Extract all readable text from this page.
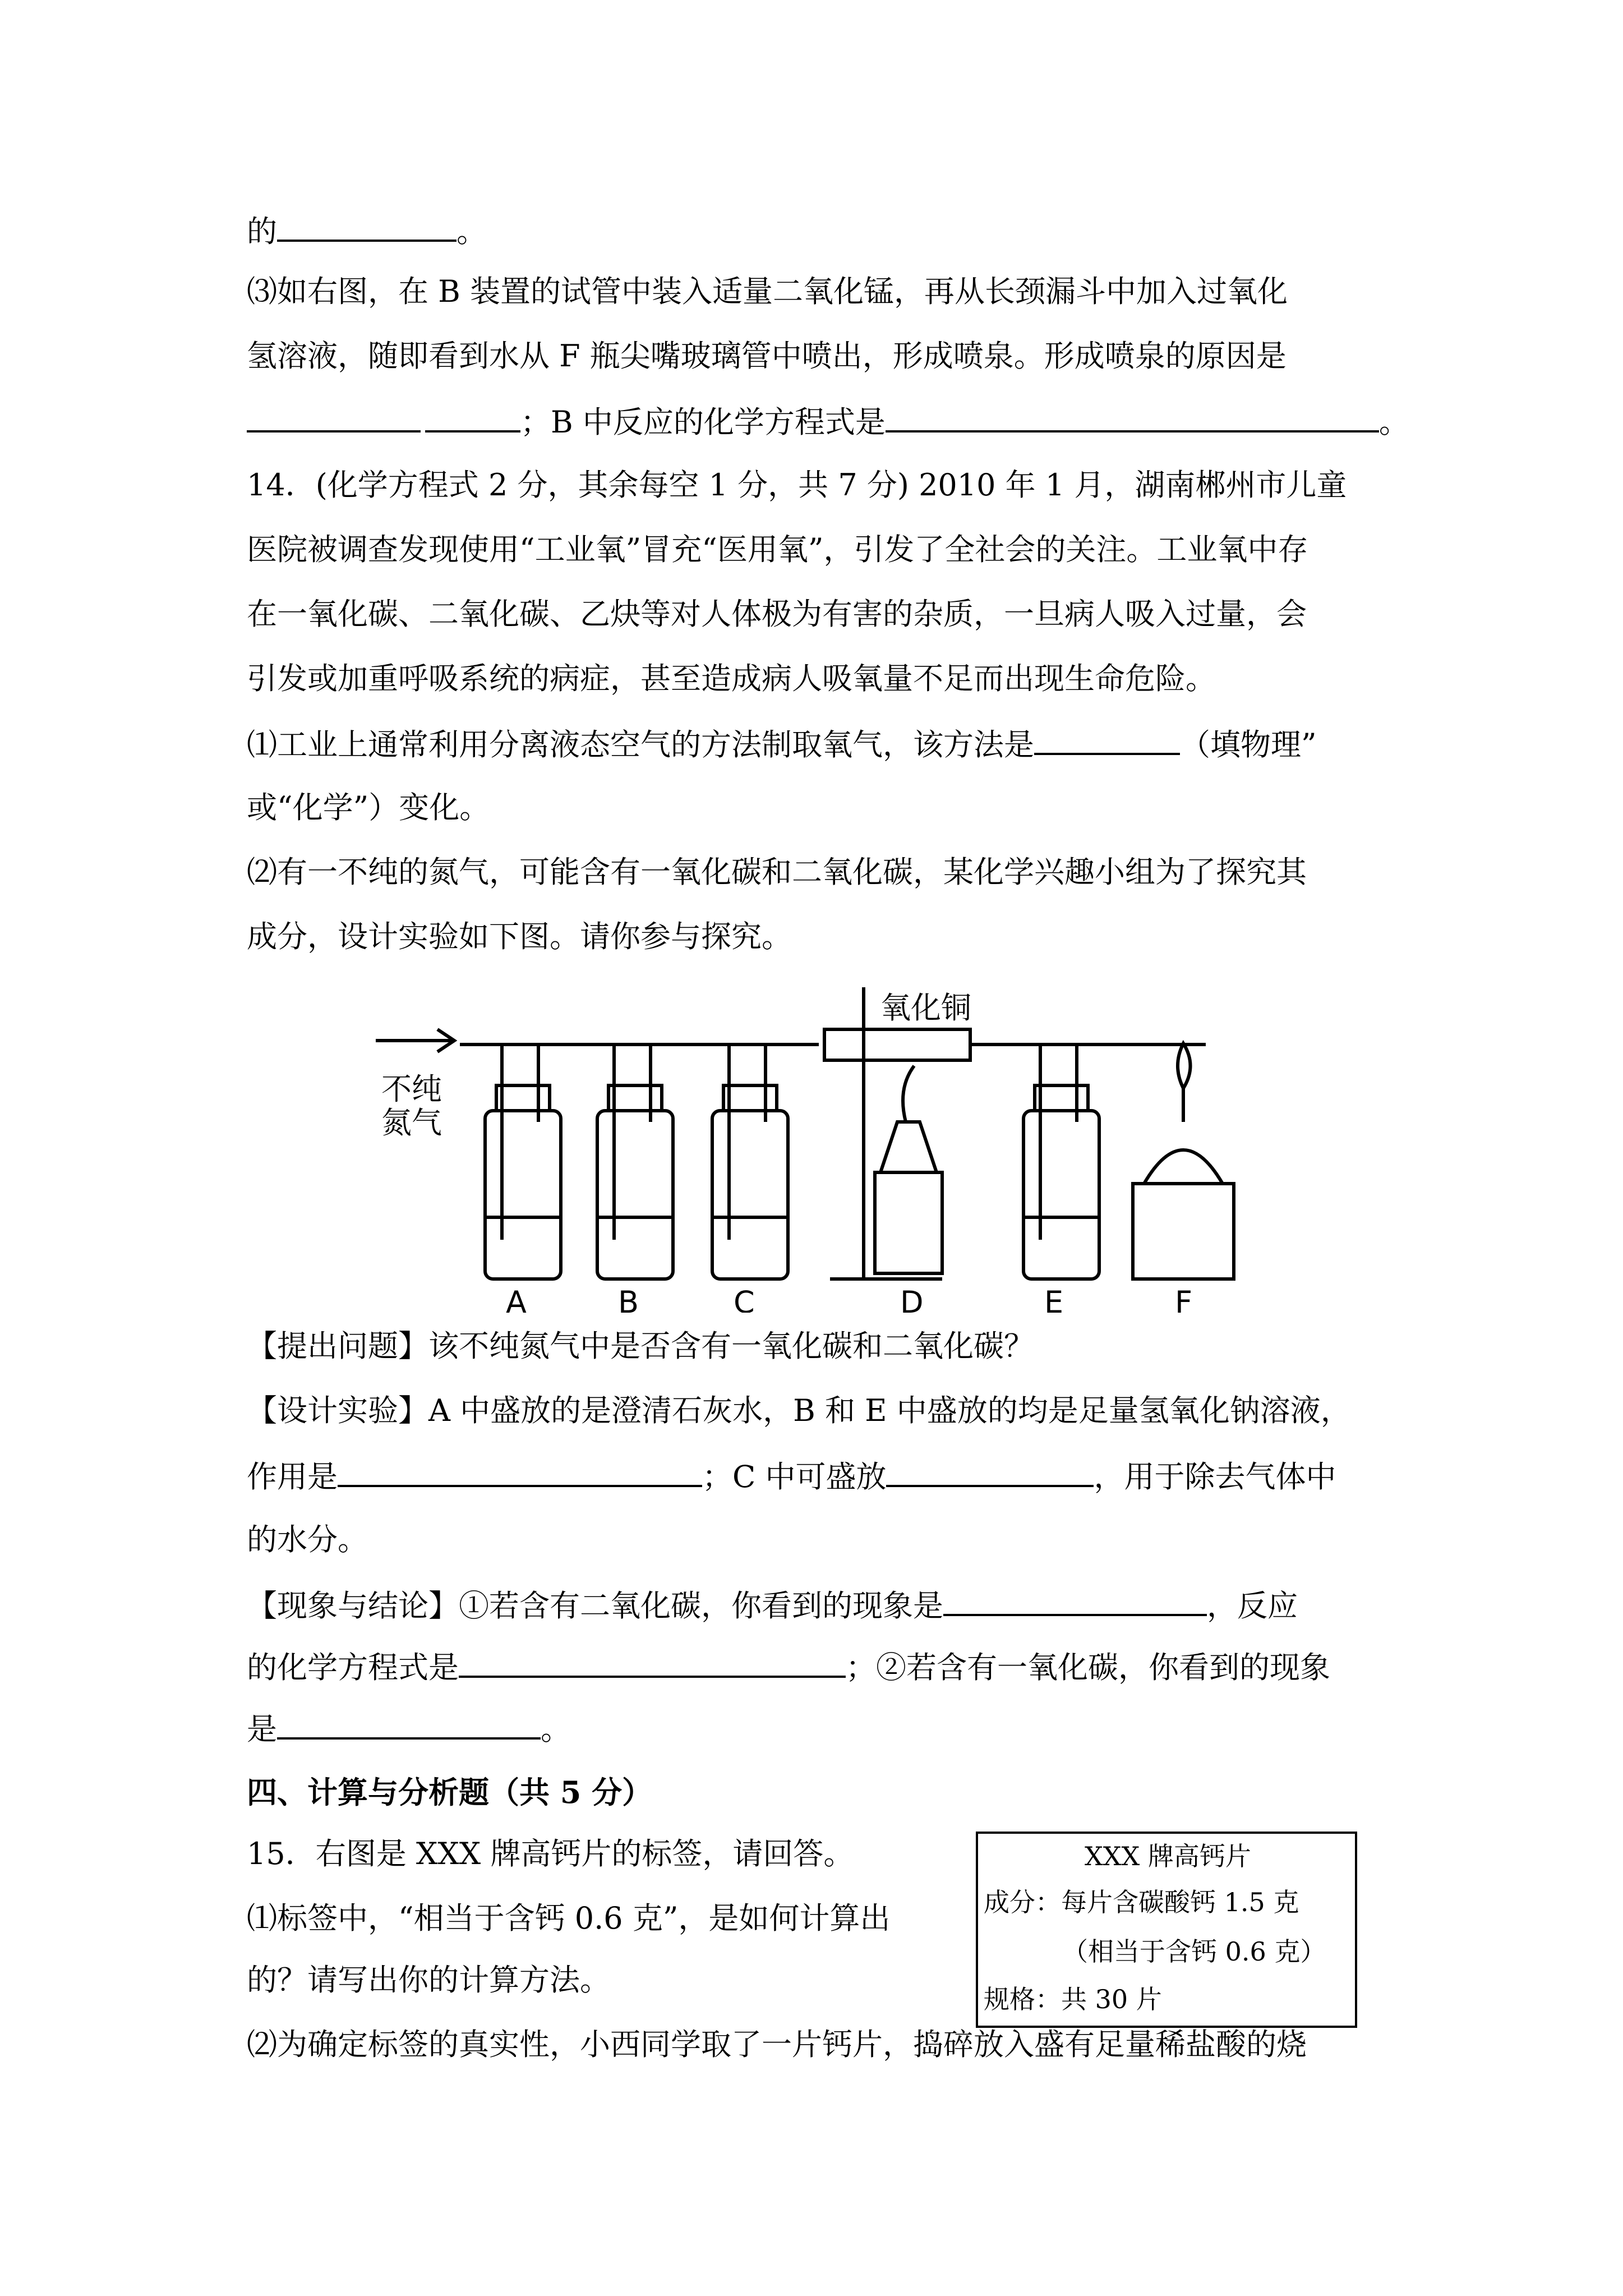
的	。
⑶如右图，在 B 装置的试管中装入适量二氧化锰，再从长颈漏斗中加入过氧化
氢溶液，随即看到水从 F 瓶尖嘴玻璃管中喷出，形成喷泉。形成喷泉的原因是
；B 中反应的化学方程式是	。
14．(化学方程式 2 分，其余每空 1 分，共 7 分) 2010 年 1 月，湖南郴州市儿童
医院被调查发现使用“工业氧”冒充“医用氧”，引发了全社会的关注。工业氧中存
在一氧化碳、二氧化碳、乙炔等对人体极为有害的杂质，一旦病人吸入过量，会
引发或加重呼吸系统的病症，甚至造成病人吸氧量不足而出现生命危险。
⑴工业上通常利用分离液态空气的方法制取氧气，该方法是	（填物理”
或“化学”）变化。
⑵有一不纯的氮气，可能含有一氧化碳和二氧化碳，某化学兴趣小组为了探究其
成分，设计实验如下图。请你参与探究。
不纯
氮气
氧化铜
A	B	C	D	E	F
【提出问题】该不纯氮气中是否含有一氧化碳和二氧化碳？
【设计实验】A 中盛放的是澄清石灰水，B 和 E 中盛放的均是足量氢氧化钠溶液，
作用是	；C 中可盛放	，用于除去气体中
的水分。
【现象与结论】①若含有二氧化碳，你看到的现象是	，反应
的化学方程式是	；②若含有一氧化碳，你看到的现象
是	。
四、计算与分析题（共 5 分）
15．右图是 XXX 牌高钙片的标签，请回答。
⑴标签中，“相当于含钙 0.6 克”，是如何计算出
的？请写出你的计算方法。
⑵为确定标签的真实性，小西同学取了一片钙片，捣碎放入盛有足量稀盐酸的烧
XXX 牌高钙片
成分：每片含碳酸钙 1.5 克
（相当于含钙 0.6 克）
规格：共 30 片
